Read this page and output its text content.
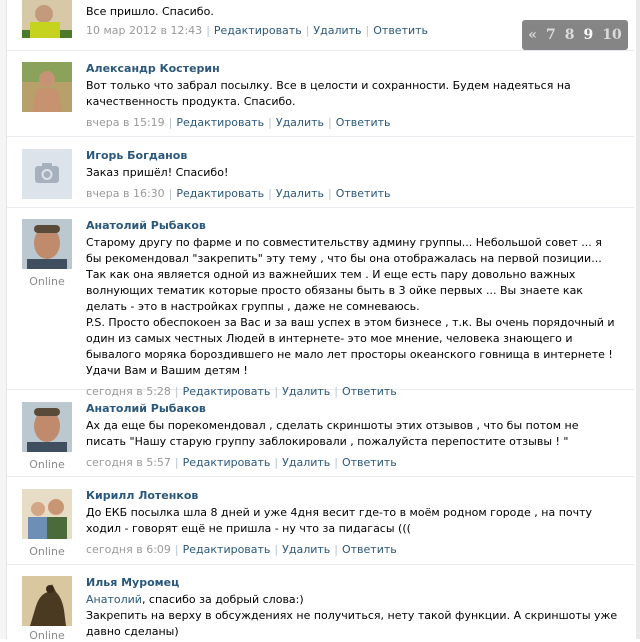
Все пришло. Спасибо.

10 мар 2012 в 12:43 | Редактировать | Удалить | Ответить
Александр Костерин

Вот только что забрал посылку. Все в целости и сохранности. Будем надеяться на качественность продукта. Спасибо.

вчера в 15:19 | Редактировать | Удалить | Ответить
Игорь Богданов

Заказ пришёл! Спасибо!

вчера в 16:30 | Редактировать | Удалить | Ответить
Online
Анатолий Рыбаков

Старому другу по фарме и по совместительству админу группы... Небольшой совет ... я бы рекомендовал "закрепить" эту тему , что бы она отображалась на первой позиции... Так как она является одной из важнейших тем . И еще есть пару довольно важных волнующих тематик которые просто обязаны быть в 3 ойке первых ... Вы знаете как делать - это в настройках группы , даже не сомневаюсь.

P.S. Просто обеспокоен за Вас и за ваш успех в этом бизнесе , т.к. Вы очень порядочный и один из самых честных Людей в интернете- это мое мнение, человека знающего и бывалого моряка бороздившего не мало лет просторы океанского говнища в интернете ! Удачи Вам и Вашим детям !

сегодня в 5:28 | Редактировать | Удалить | Ответить
Online
Анатолий Рыбаков

Ах да еще бы порекомендовал , сделать скриншоты этих отзывов , что бы потом не писать "Нашу старую группу заблокировали , пожалуйста перепостите отзывы ! "

сегодня в 5:57 | Редактировать | Удалить | Ответить
Online
Кирилл Лотенков

До ЕКБ посылка шла 8 дней и уже 4дня весит где-то в моём родном городе , на почту ходил - говорят ещё не пришла - ну что за пидагасы (((

сегодня в 6:09 | Редактировать | Удалить | Ответить
Online
Илья Муромец

Анатолий, спасибо за добрый слова:)

Закрепить на верху в обсуждениях не получиться, нету такой функции. А скриншоты уже давно сделаны)

« 7 8 9 10
